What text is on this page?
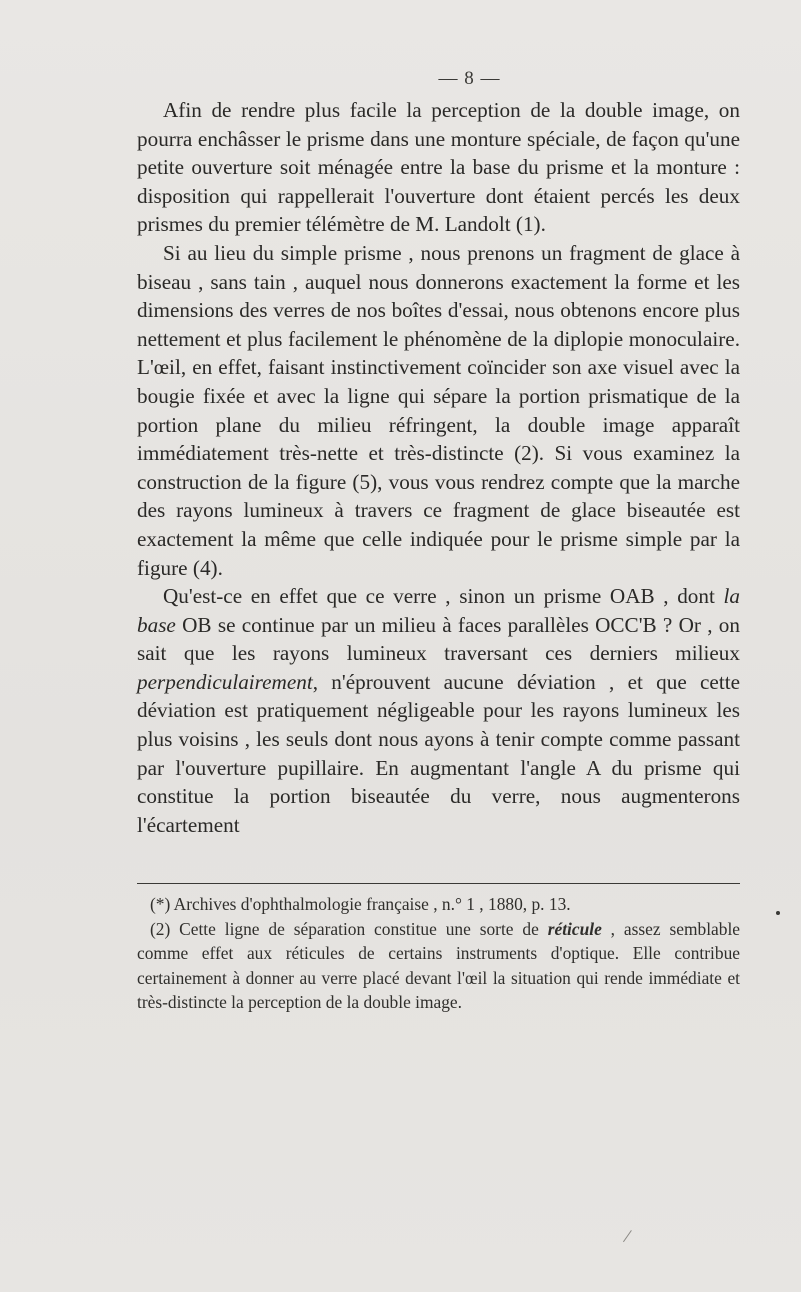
— 8 —

Afin de rendre plus facile la perception de la double image, on pourra enchâsser le prisme dans une monture spéciale, de façon qu'une petite ouverture soit ménagée entre la base du prisme et la monture : disposition qui rappellerait l'ouverture dont étaient percés les deux prismes du premier télémètre de M. Landolt (1).

Si au lieu du simple prisme , nous prenons un fragment de glace à biseau , sans tain , auquel nous donnerons exactement la forme et les dimensions des verres de nos boîtes d'essai, nous obtenons encore plus nettement et plus facilement le phénomène de la diplopie monoculaire. L'œil, en effet, faisant instinctivement coïncider son axe visuel avec la bougie fixée et avec la ligne qui sépare la portion prismatique de la portion plane du milieu réfringent, la double image apparaît immédiatement très-nette et très-distincte (2). Si vous examinez la construction de la figure (5), vous vous rendrez compte que la marche des rayons lumineux à travers ce fragment de glace biseautée est exactement la même que celle indiquée pour le prisme simple par la figure (4).

Qu'est-ce en effet que ce verre , sinon un prisme OAB , dont la base OB se continue par un milieu à faces parallèles OCC'B ? Or , on sait que les rayons lumineux traversant ces derniers milieux perpendiculairement, n'éprouvent aucune déviation , et que cette déviation est pratiquement négligeable pour les rayons lumineux les plus voisins , les seuls dont nous ayons à tenir compte comme passant par l'ouverture pupillaire. En augmentant l'angle A du prisme qui constitue la portion biseautée du verre, nous augmenterons l'écartement

(*) Archives d'ophthalmologie française , n.° 1 , 1880, p. 13.

(2) Cette ligne de séparation constitue une sorte de réticule , assez semblable comme effet aux réticules de certains instruments d'optique. Elle contribue certainement à donner au verre placé devant l'œil la situation qui rende immédiate et très-distincte la perception de la double image.
